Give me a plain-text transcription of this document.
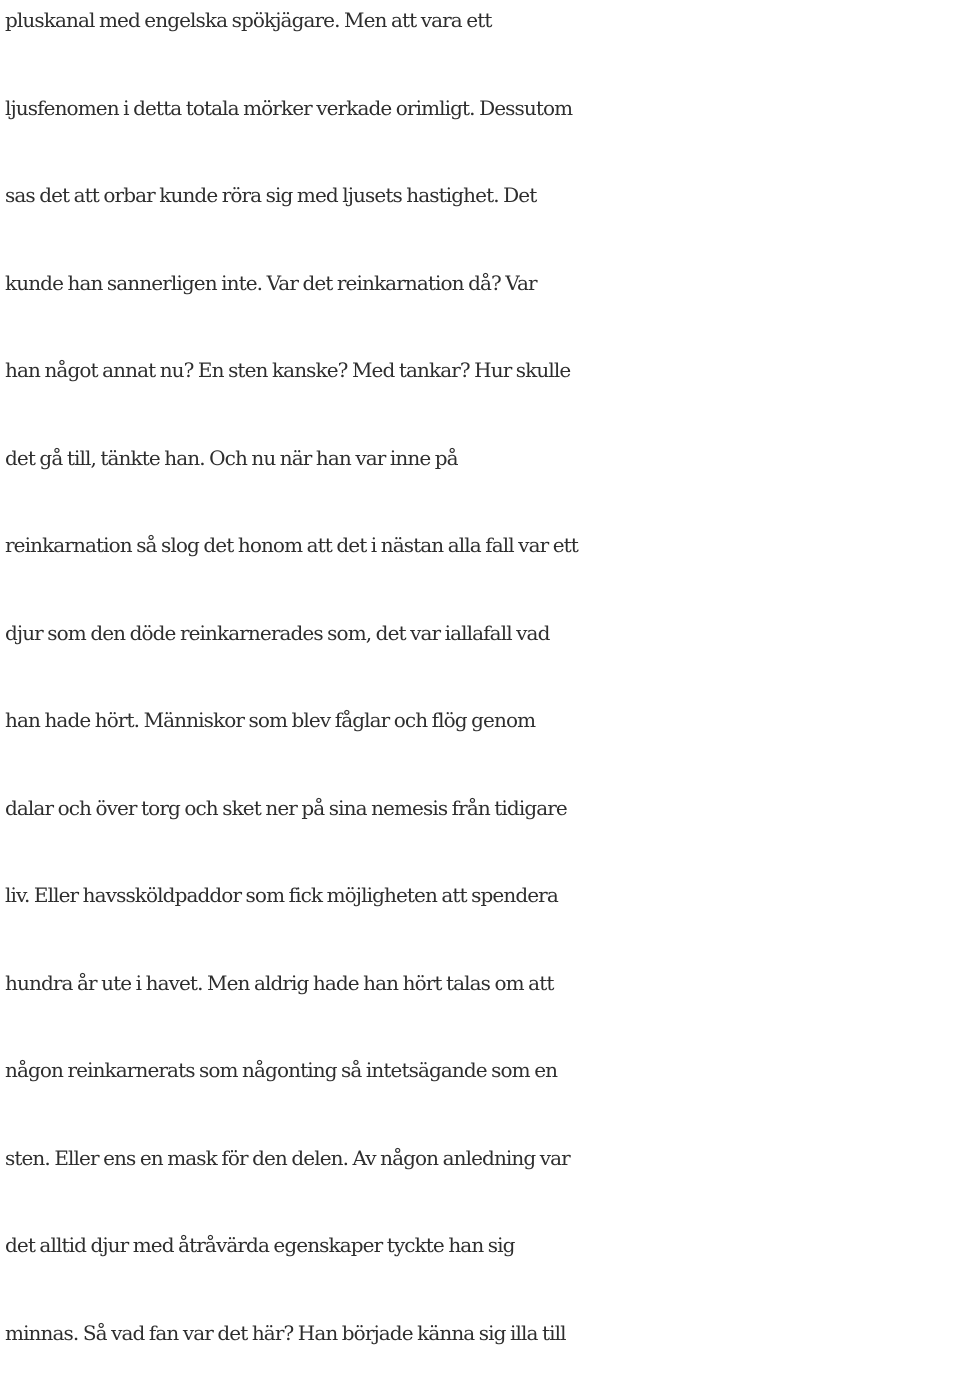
pluskanal med engelska spökjägare. Men att vara ett
ljusfenomen i detta totala mörker verkade orimligt. Dessutom
sas det att orbar kunde röra sig med ljusets hastighet. Det
kunde han sannerligen inte. Var det reinkarnation då? Var
han något annat nu? En sten kanske? Med tankar? Hur skulle
det gå till, tänkte han. Och nu när han var inne på
reinkarnation så slog det honom att det i nästan alla fall var ett
djur som den döde reinkarnerades som, det var iallafall vad
han hade hört. Människor som blev fåglar och flög genom
dalar och över torg och sket ner på sina nemesis från tidigare
liv. Eller havssköldpaddor som fick möjligheten att spendera
hundra år ute i havet. Men aldrig hade han hört talas om att
någon reinkarnerats som någonting så intetsägande som en
sten. Eller ens en mask för den delen. Av någon anledning var
det alltid djur med åtråvärda egenskaper tyckte han sig
minnas. Så vad fan var det här? Han började känna sig illa till
